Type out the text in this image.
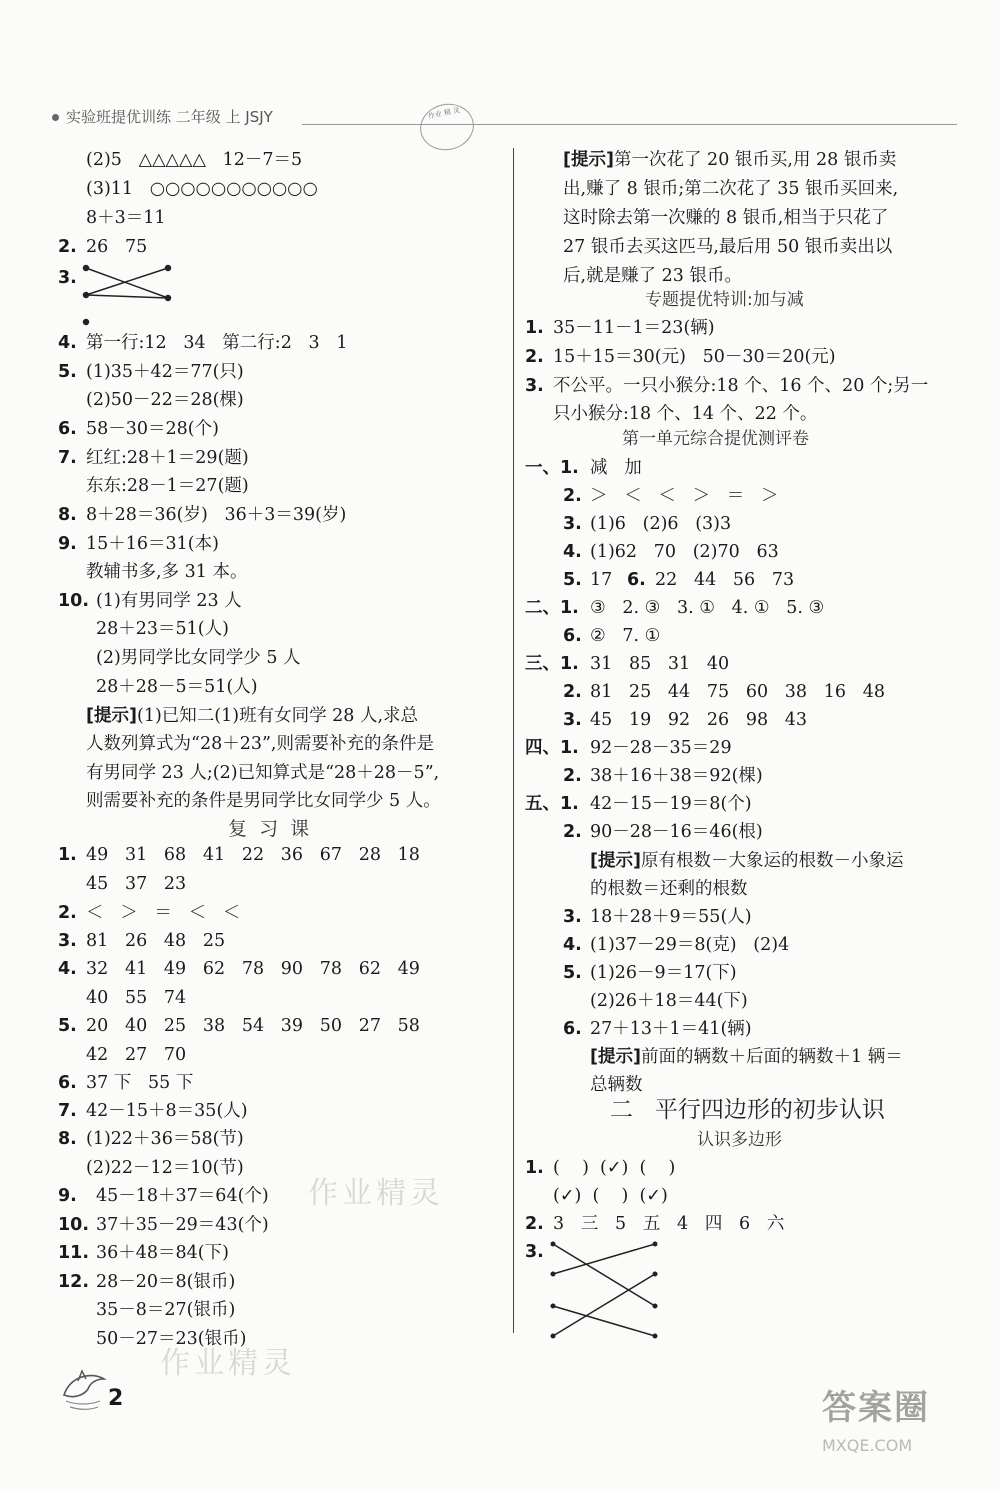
实验班提优训练 二年级 上 JSJY	作业 精 灵
(2)5   △△△△△   12－7＝5
(3)11   ○○○○○○○○○○○
8＋3＝11
2. 26   75
3.
4. 第一行:12   34   第二行:2   3   1
5. (1)35＋42＝77(只)
(2)50－22＝28(棵)
6. 58－30＝28(个)
7. 红红:28＋1＝29(题)
东东:28－1＝27(题)
8. 8＋28＝36(岁)   36＋3＝39(岁)
9. 15＋16＝31(本)
教辅书多,多 31 本。
10. (1)有男同学 23 人
28＋23＝51(人)
(2)男同学比女同学少 5 人
28＋28－5＝51(人)
[提示](1)已知二(1)班有女同学 28 人,求总
人数列算式为“28＋23”,则需要补充的条件是
有男同学 23 人;(2)已知算式是“28＋28－5”,
则需要补充的条件是男同学比女同学少 5 人。
复  习  课
1. 49   31   68   41   22   36   67   28   18
45   37   23
2. ＜   ＞   ＝   ＜   ＜
3. 81   26   48   25
4. 32   41   49   62   78   90   78   62   49
40   55   74
5. 20   40   25   38   54   39   50   27   58
42   27   70
6. 37 下   55 下
7. 42－15＋8＝35(人)
8. (1)22＋36＝58(节)
(2)22－12＝10(节)
9. 45－18＋37＝64(个)
10. 37＋35－29＝43(个)
11. 36＋48＝84(下)
12. 28－20＝8(银币)
35－8＝27(银币)
50－27＝23(银币)
[提示]第一次花了 20 银币买,用 28 银币卖
出,赚了 8 银币;第二次花了 35 银币买回来,
这时除去第一次赚的 8 银币,相当于只花了
27 银币去买这匹马,最后用 50 银币卖出以
后,就是赚了 23 银币。
专题提优特训:加与减
1. 35－11－1＝23(辆)
2. 15＋15＝30(元)   50－30＝20(元)
3. 不公平。一只小猴分:18 个、16 个、20 个;另一
只小猴分:18 个、14 个、22 个。
第一单元综合提优测评卷
一、1. 减   加
2. ＞   ＜   ＜   ＞   ＝   ＞
3. (1)6   (2)6   (3)3
4. (1)62   70   (2)70   63
5. 17 6. 22   44   56   73
二、1. ③   2. ③   3. ①   4. ①   5. ③
6. ②   7. ①
三、1. 31   85   31   40
2. 81   25   44   75   60   38   16   48
3. 45   19   92   26   98   43
四、1. 92－28－35＝29
2. 38＋16＋38＝92(棵)
五、1. 42－15－19＝8(个)
2. 90－28－16＝46(根)
[提示]原有根数－大象运的根数－小象运
的根数＝还剩的根数
3. 18＋28＋9＝55(人)
4. (1)37－29＝8(克)   (2)4
5. (1)26－9＝17(下)
(2)26＋18＝44(下)
6. 27＋13＋1＝41(辆)
[提示]前面的辆数＋后面的辆数＋1 辆＝
总辆数
二   平行四边形的初步认识
认识多边形
1. (    )  (✓)  (    )
(✓)  (    )  (✓)
2. 3   三   5   五   4   四   6   六
3.
作业精灵
作业精灵
2	答案圈
MXQE.COM
